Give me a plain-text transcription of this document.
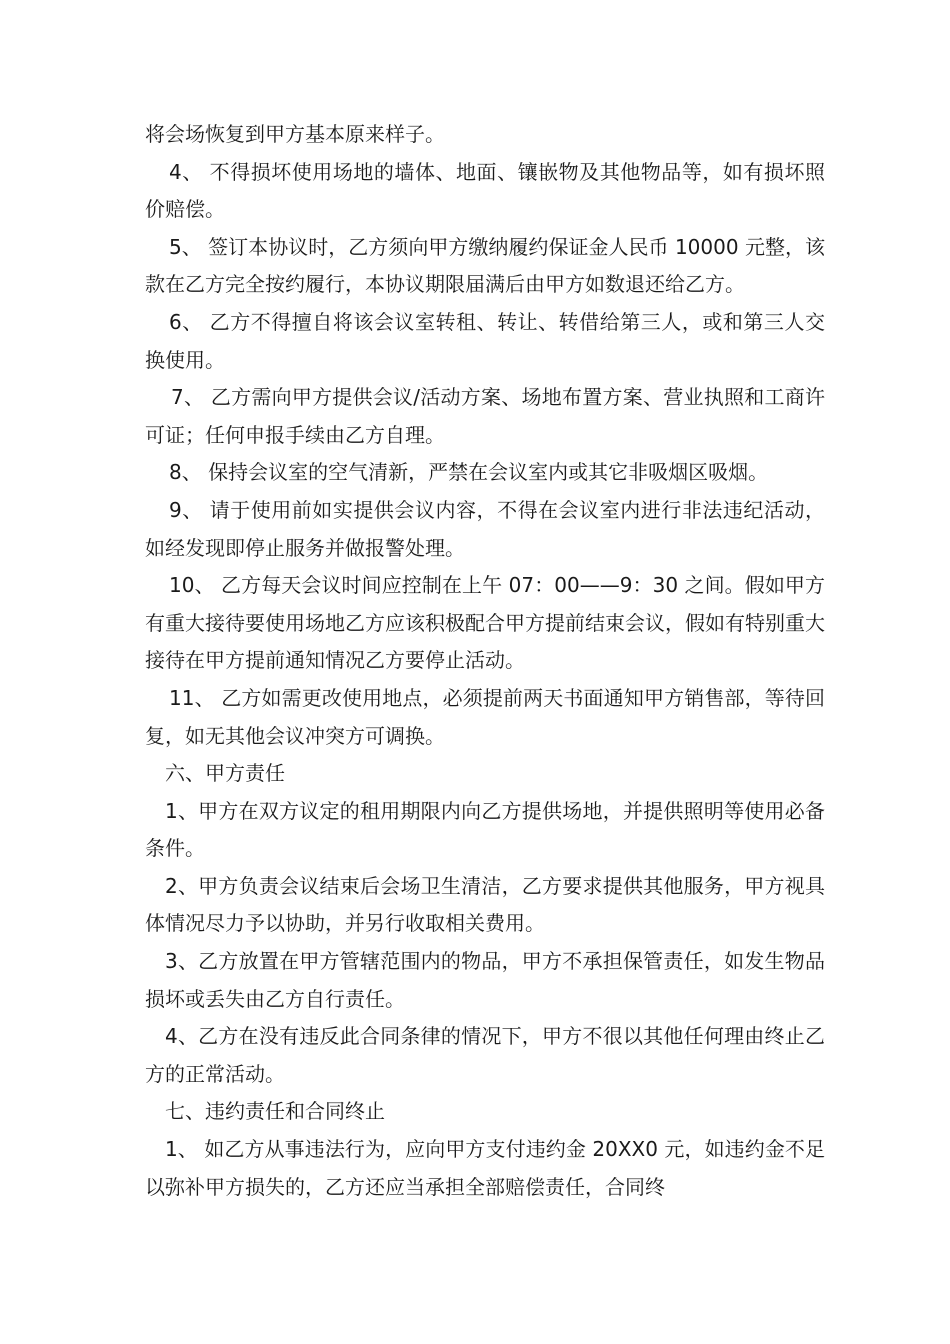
将会场恢复到甲方基本原来样子。

4、 不得损坏使用场地的墙体、地面、镶嵌物及其他物品等，如有损坏照价赔偿。

5、 签订本协议时，乙方须向甲方缴纳履约保证金人民币 10000 元整，该款在乙方完全按约履行，本协议期限届满后由甲方如数退还给乙方。

6、 乙方不得擅自将该会议室转租、转让、转借给第三人，或和第三人交换使用。

7、 乙方需向甲方提供会议/活动方案、场地布置方案、营业执照和工商许可证；任何申报手续由乙方自理。

8、 保持会议室的空气清新，严禁在会议室内或其它非吸烟区吸烟。

9、 请于使用前如实提供会议内容，不得在会议室内进行非法违纪活动，如经发现即停止服务并做报警处理。

10、 乙方每天会议时间应控制在上午 07：00——9：30 之间。假如甲方有重大接待要使用场地乙方应该积极配合甲方提前结束会议，假如有特别重大接待在甲方提前通知情况乙方要停止活动。

11、 乙方如需更改使用地点，必须提前两天书面通知甲方销售部，等待回复，如无其他会议冲突方可调换。

六、甲方责任

1、甲方在双方议定的租用期限内向乙方提供场地，并提供照明等使用必备条件。

2、甲方负责会议结束后会场卫生清洁，乙方要求提供其他服务，甲方视具体情况尽力予以协助，并另行收取相关费用。

3、乙方放置在甲方管辖范围内的物品，甲方不承担保管责任，如发生物品损坏或丢失由乙方自行责任。

4、乙方在没有违反此合同条律的情况下，甲方不很以其他任何理由终止乙方的正常活动。

七、违约责任和合同终止

1、 如乙方从事违法行为，应向甲方支付违约金 20XX0 元，如违约金不足以弥补甲方损失的，乙方还应当承担全部赔偿责任，合同终
